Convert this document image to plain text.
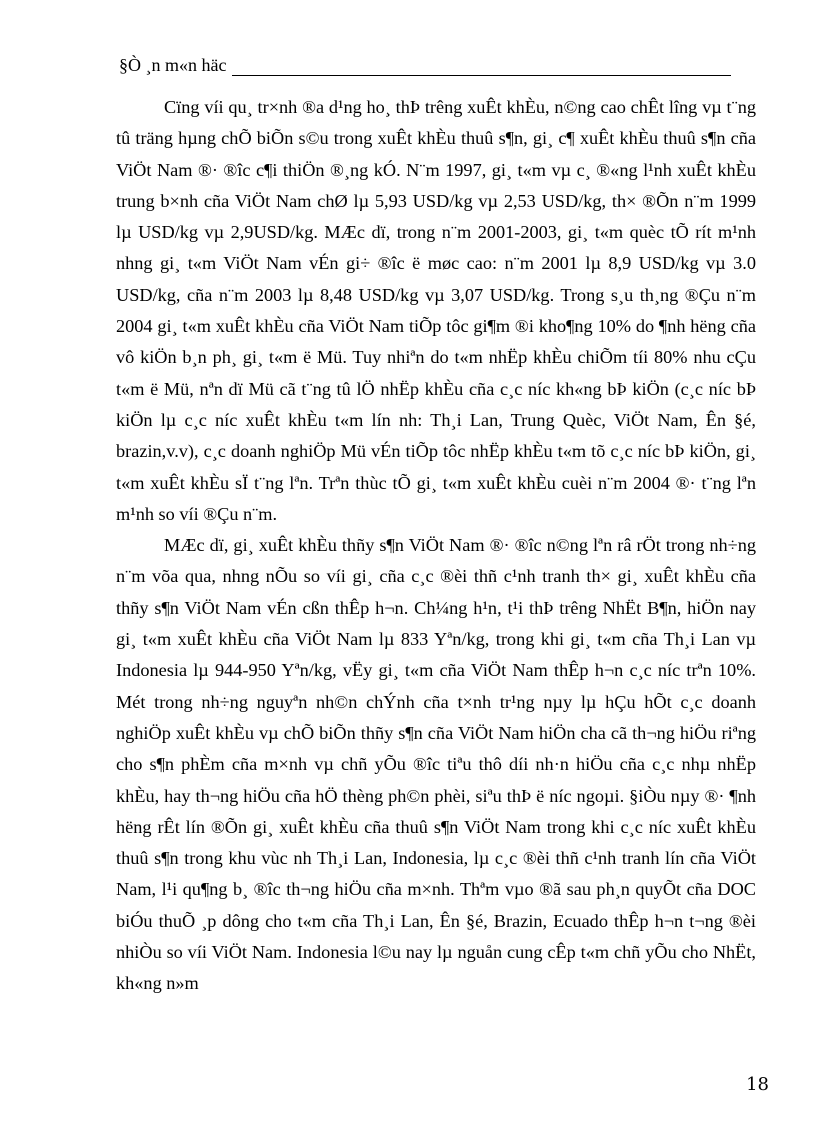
§Ò ¸n m«n häc

Cïng víi qu¸ tr×nh ®a d¹ng ho¸ thÞ trêng xuÊt khÈu, n©ng cao chÊt lîng vµ t¨ng tû träng hµng chÕ biÕn s©u trong xuÊt khÈu thuû s¶n, gi¸ c¶ xuÊt khÈu thuû s¶n cña ViÖt Nam ®· ®îc c¶i thiÖn ®¸ng kÓ. N¨m 1997, gi¸ t«m vµ c¸ ®«ng l¹nh xuÊt khÈu trung b×nh cña ViÖt Nam chØ lµ 5,93 USD/kg vµ 2,53 USD/kg, th× ®Õn n¨m 1999 lµ USD/kg vµ 2,9USD/kg. MÆc dï, trong n¨m 2001-2003, gi¸ t«m quèc tÕ rít m¹nh nhng gi¸ t«m ViÖt Nam vÉn gi÷ ®îc ë møc cao: n¨m 2001 lµ 8,9 USD/kg vµ 3.0 USD/kg, cña n¨m 2003 lµ 8,48 USD/kg vµ 3,07 USD/kg. Trong s¸u th¸ng ®Çu n¨m 2004 gi¸ t«m xuÊt khÈu cña ViÖt Nam tiÕp tôc gi¶m ®i kho¶ng 10% do ¶nh hëng cña vô kiÖn b¸n ph¸ gi¸ t«m ë Mü. Tuy nhiªn do t«m nhËp khÈu chiÕm tíi 80% nhu cÇu t«m ë Mü, nªn dï Mü cã t¨ng tû lÖ nhËp khÈu cña c¸c níc kh«ng bÞ kiÖn (c¸c níc bÞ kiÖn lµ c¸c níc xuÊt khÈu t«m lín nh: Th¸i Lan, Trung Quèc, ViÖt Nam, Ên §é, brazin,v.v), c¸c doanh nghiÖp Mü vÉn tiÕp tôc nhËp khÈu t«m tõ c¸c níc bÞ kiÖn, gi¸ t«m xuÊt khÈu sÏ t¨ng lªn. Trªn thùc tÕ gi¸ t«m xuÊt khÈu cuèi n¨m 2004 ®· t¨ng lªn m¹nh so víi ®Çu n¨m.

MÆc dï, gi¸ xuÊt khÈu thñy s¶n ViÖt Nam ®· ®îc n©ng lªn râ rÖt trong nh÷ng n¨m võa qua, nhng nÕu so víi gi¸ cña c¸c ®èi thñ c¹nh tranh th× gi¸ xuÊt khÈu cña thñy s¶n ViÖt Nam vÉn cßn thÊp h¬n. Ch¼ng h¹n, t¹i thÞ trêng NhËt B¶n, hiÖn nay gi¸ t«m xuÊt khÈu cña ViÖt Nam lµ 833 Yªn/kg, trong khi gi¸ t«m cña Th¸i Lan vµ Indonesia lµ 944-950 Yªn/kg, vËy gi¸ t«m cña ViÖt Nam thÊp h¬n c¸c níc trªn 10%. Mét trong nh÷ng nguyªn nh©n chÝnh cña t×nh tr¹ng nµy lµ hÇu hÕt c¸c doanh nghiÖp xuÊt khÈu vµ chÕ biÕn thñy s¶n cña ViÖt Nam hiÖn cha cã th¬ng hiÖu riªng cho s¶n phÈm cña m×nh vµ chñ yÕu ®îc tiªu thô díi nh·n hiÖu cña c¸c nhµ nhËp khÈu, hay th¬ng hiÖu cña hÖ thèng ph©n phèi, siªu thÞ ë níc ngoµi. §iÒu nµy ®· ¶nh hëng rÊt lín ®Õn gi¸ xuÊt khÈu cña thuû s¶n ViÖt Nam trong khi c¸c níc xuÊt khÈu thuû s¶n trong khu vùc nh Th¸i Lan, Indonesia, lµ c¸c ®èi thñ c¹nh tranh lín cña ViÖt Nam, l¹i qu¶ng b¸ ®îc th¬ng hiÖu cña m×nh. Thªm vµo ®ã sau ph¸n quyÕt cña DOC biÓu thuÕ ¸p dông cho t«m cña Th¸i Lan, Ên §é, Brazin, Ecuado thÊp h¬n t¬ng ®èi nhiÒu so víi ViÖt Nam. Indonesia l©u nay lµ nguån cung cÊp t«m chñ yÕu cho NhËt, kh«ng n»m

18
